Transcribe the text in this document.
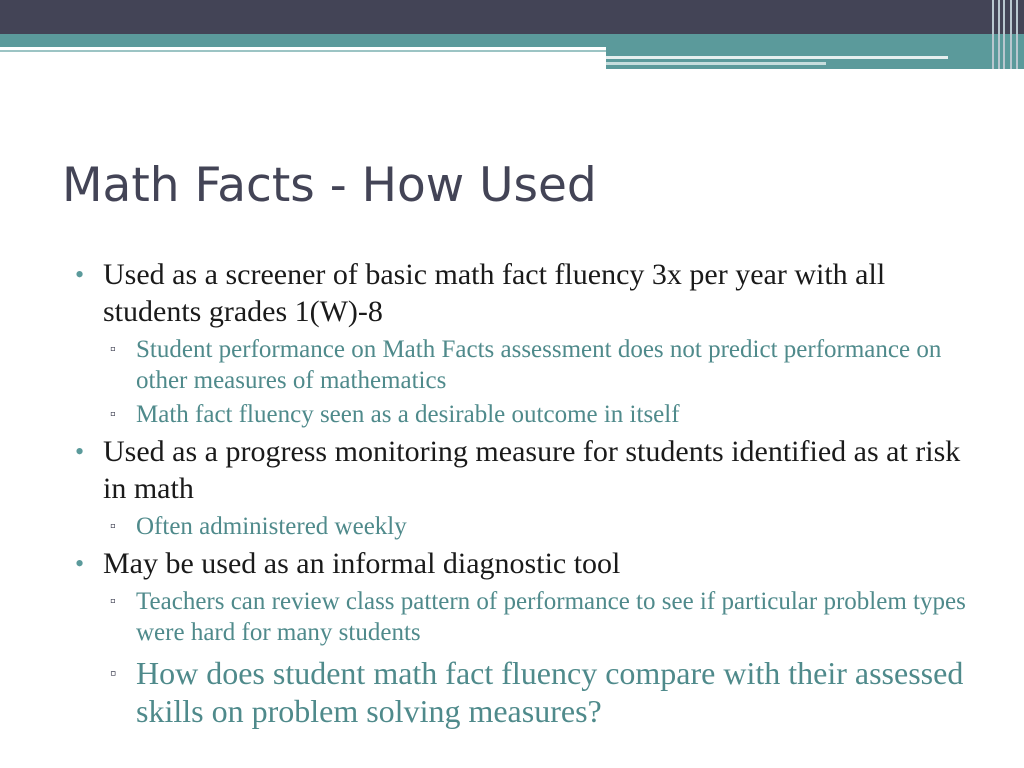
Math Facts - How Used
• Used as a screener of basic math fact fluency 3x per year with all students grades 1(W)-8
▫ Student performance on Math Facts assessment does not predict performance on other measures of mathematics
▫ Math fact fluency seen as a desirable outcome in itself
• Used as a progress monitoring measure for students identified as at risk in math
▫ Often administered weekly
• May be used as an informal diagnostic tool
▫ Teachers can review class pattern of performance to see if particular problem types were hard for many students
▫ How does student math fact fluency compare with their assessed skills on problem solving measures?
